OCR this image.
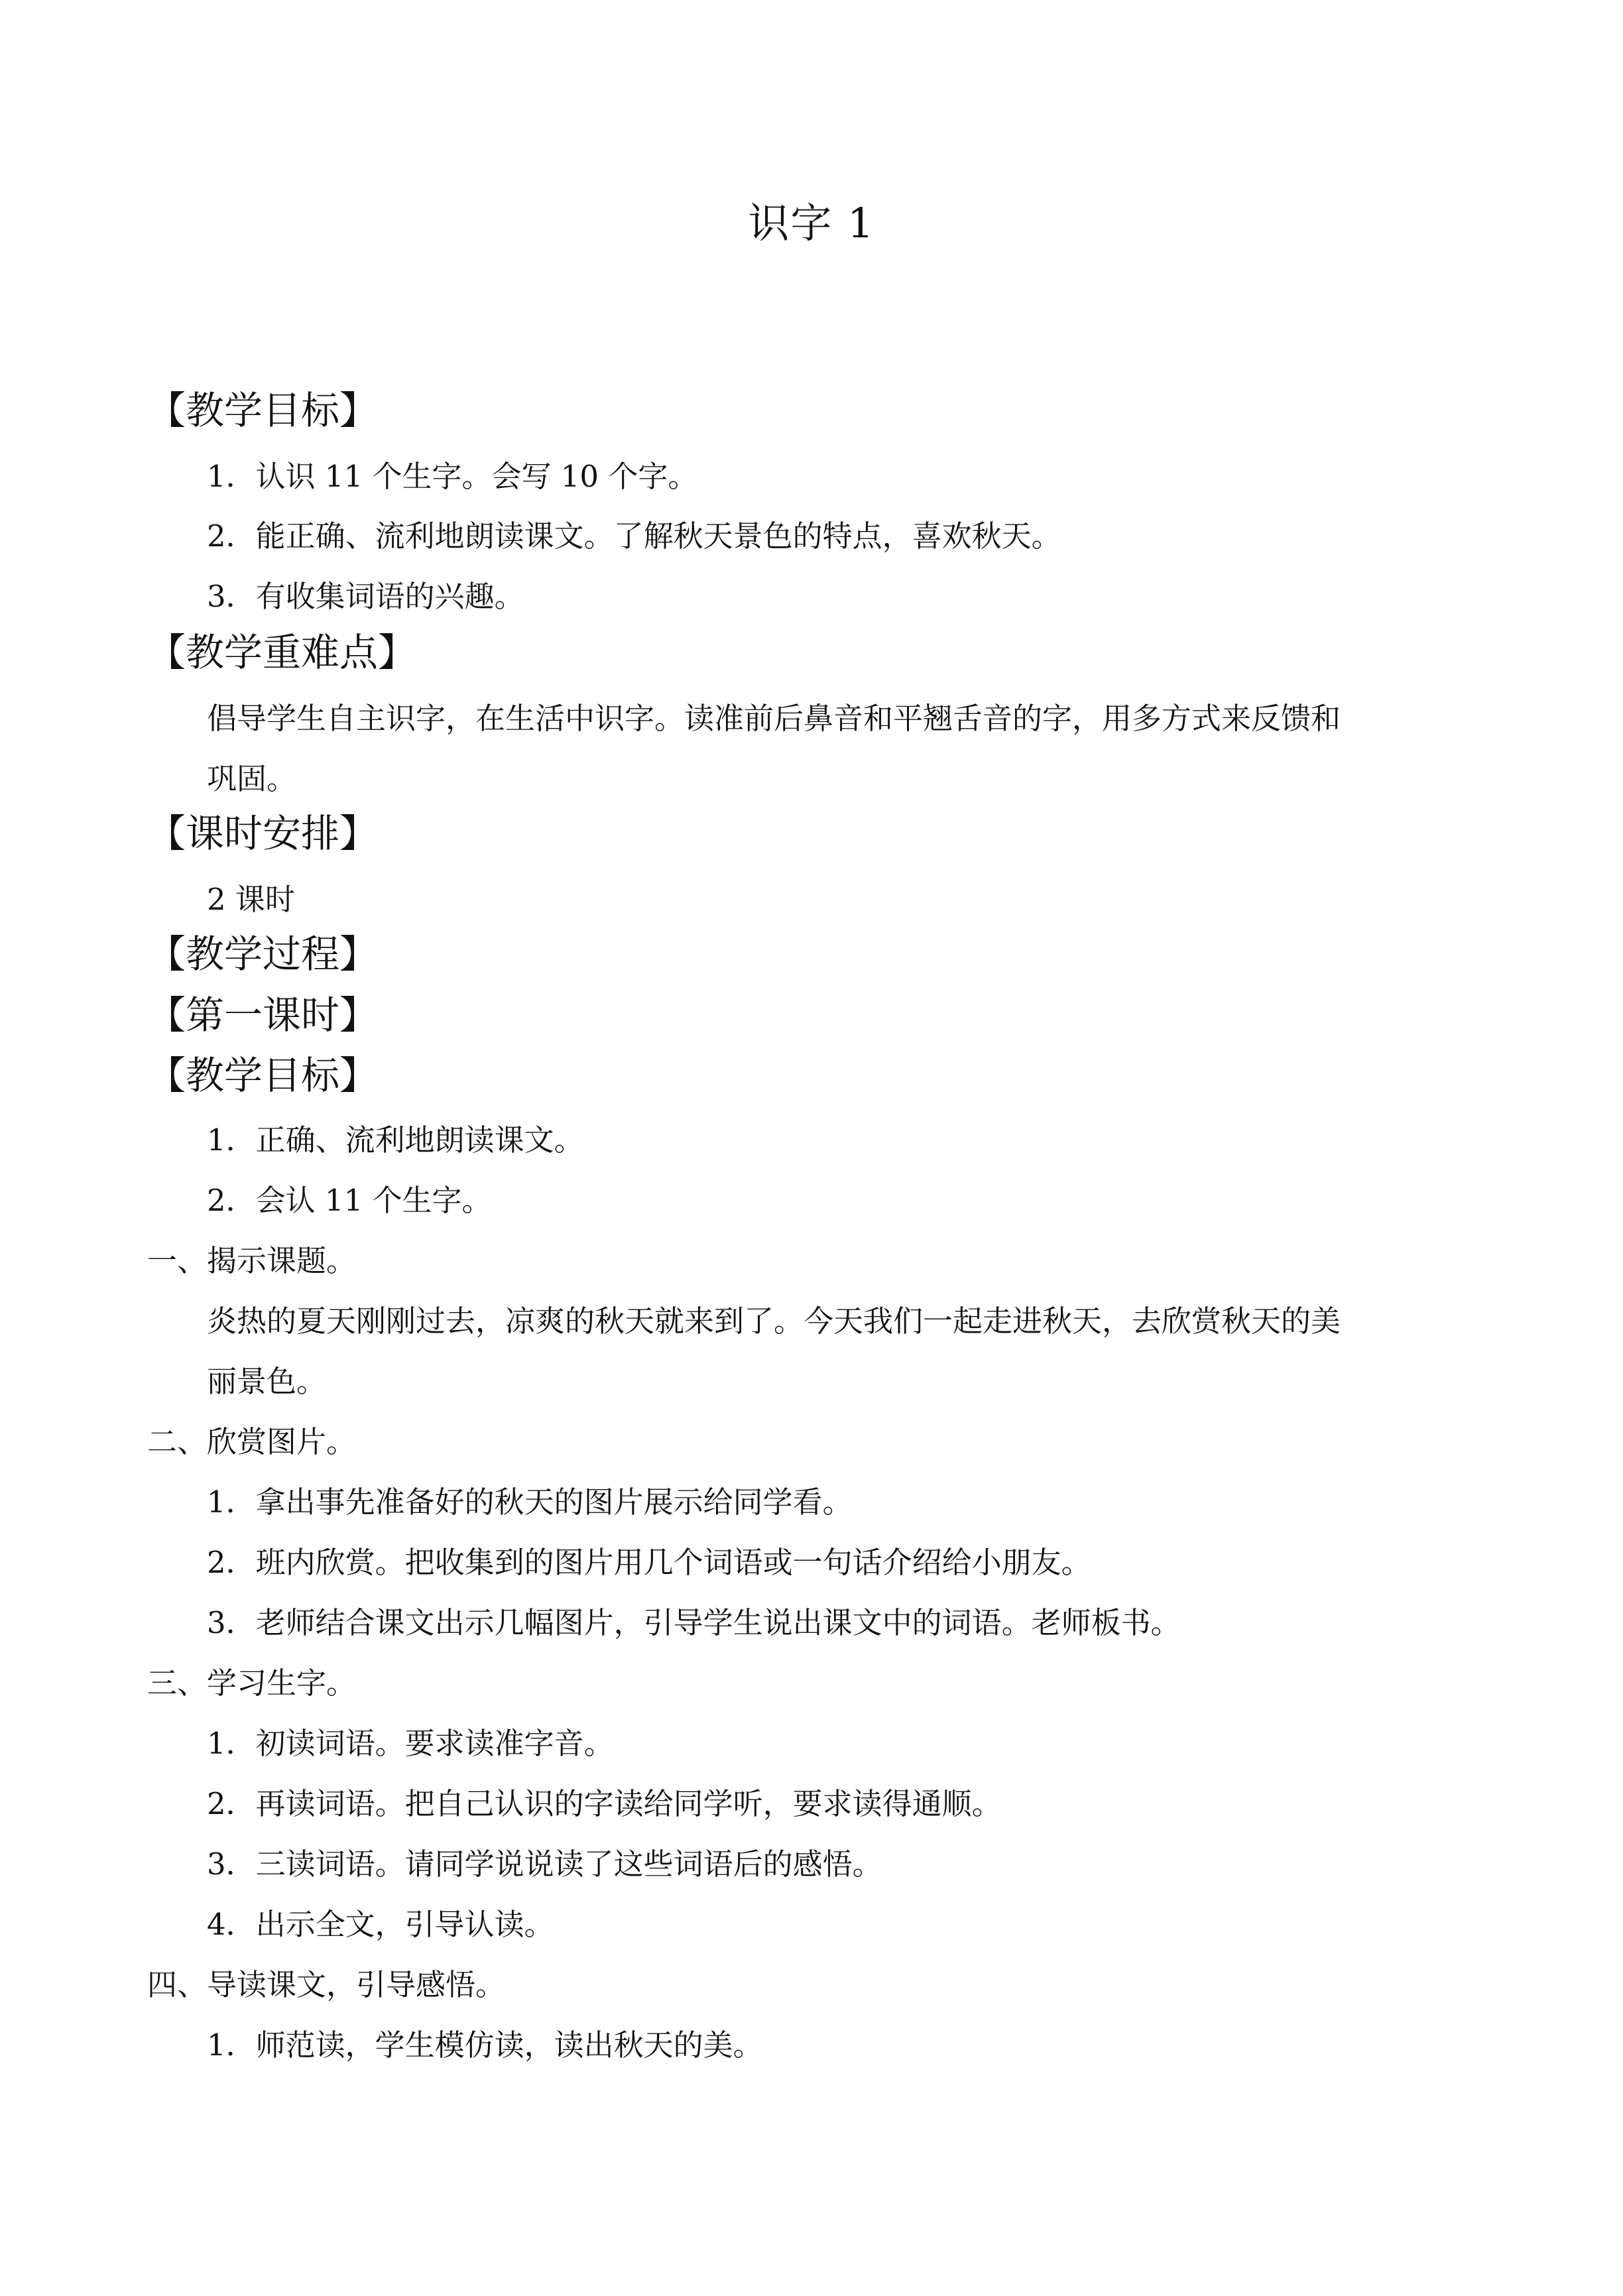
识字 1
【教学目标】
1．认识 11 个生字。会写 10 个字。
2．能正确、流利地朗读课文。了解秋天景色的特点，喜欢秋天。
3．有收集词语的兴趣。
【教学重难点】
倡导学生自主识字，在生活中识字。读准前后鼻音和平翘舌音的字，用多方式来反馈和
巩固。
【课时安排】
2 课时
【教学过程】
【第一课时】
【教学目标】
1．正确、流利地朗读课文。
2．会认 11 个生字。
一、揭示课题。
炎热的夏天刚刚过去，凉爽的秋天就来到了。今天我们一起走进秋天，去欣赏秋天的美
丽景色。
二、欣赏图片。
1．拿出事先准备好的秋天的图片展示给同学看。
2．班内欣赏。把收集到的图片用几个词语或一句话介绍给小朋友。
3．老师结合课文出示几幅图片，引导学生说出课文中的词语。老师板书。
三、学习生字。
1．初读词语。要求读准字音。
2．再读词语。把自己认识的字读给同学听，要求读得通顺。
3．三读词语。请同学说说读了这些词语后的感悟。
4．出示全文，引导认读。
四、导读课文，引导感悟。
1．师范读，学生模仿读，读出秋天的美。
